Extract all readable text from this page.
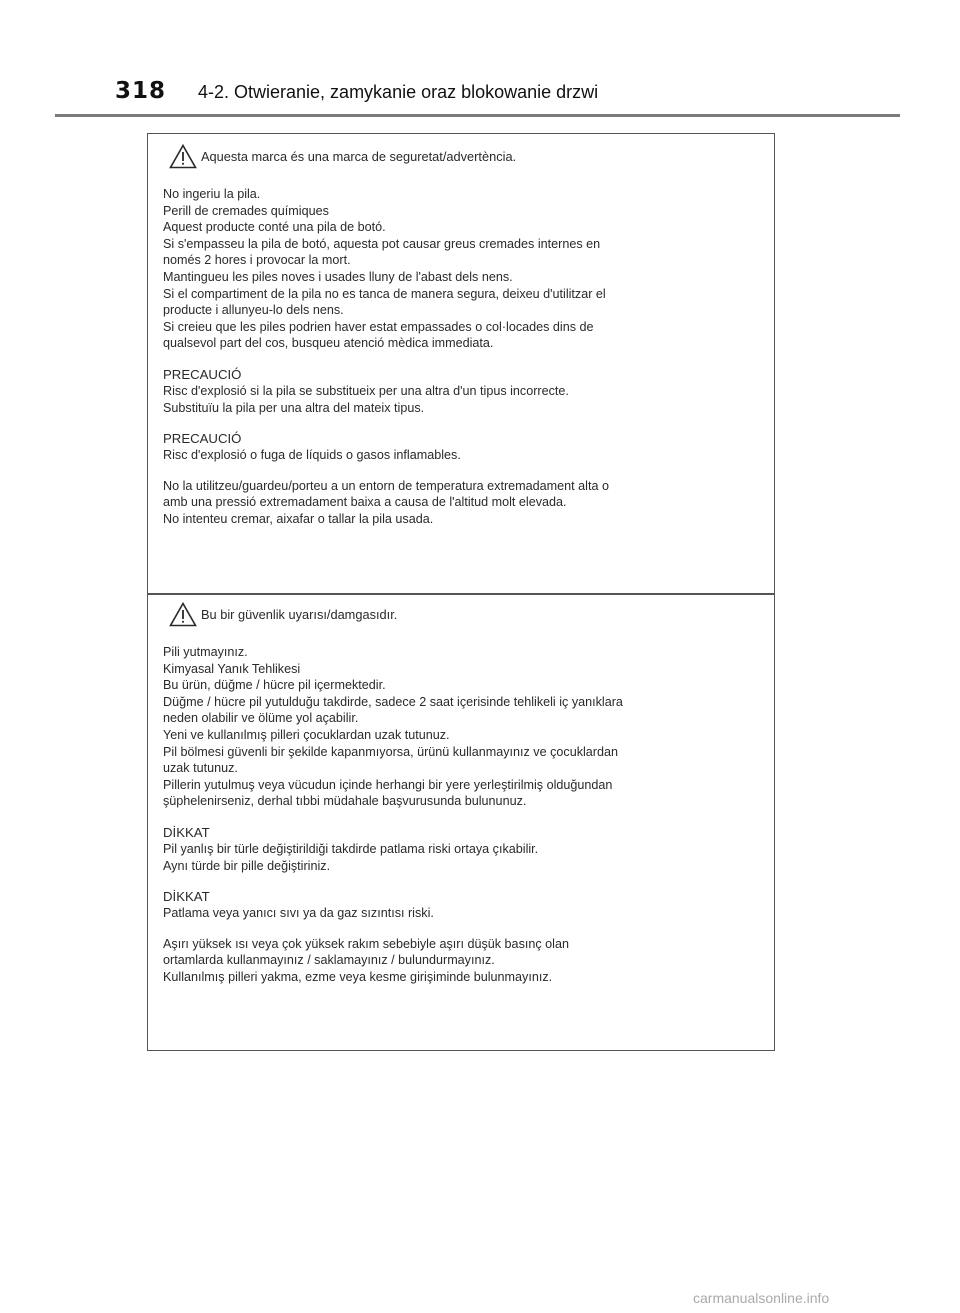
318 4-2. Otwieranie, zamykanie oraz blokowanie drzwi
Aquesta marca és una marca de seguretat/advertència.
No ingeriu la pila.
Perill de cremades químiques
Aquest producte conté una pila de botó.
Si s'empasseu la pila de botó, aquesta pot causar greus cremades internes en
només 2 hores i provocar la mort.
Mantingueu les piles noves i usades lluny de l'abast dels nens.
Si el compartiment de la pila no es tanca de manera segura, deixeu d'utilitzar el
producte i allunyeu-lo dels nens.
Si creieu que les piles podrien haver estat empassades o col·locades dins de
qualsevol part del cos, busqueu atenció mèdica immediata.
PRECAUCIÓ
Risc d'explosió si la pila se substitueix per una altra d'un tipus incorrecte.
Substituïu la pila per una altra del mateix tipus.
PRECAUCIÓ
Risc d'explosió o fuga de líquids o gasos inflamables.
No la utilitzeu/guardeu/porteu a un entorn de temperatura extremadament alta o
amb una pressió extremadament baixa a causa de l'altitud molt elevada.
No intenteu cremar, aixafar o tallar la pila usada.
Bu bir güvenlik uyarısı/damgasıdır.
Pili yutmayınız.
Kimyasal Yanık Tehlikesi
Bu ürün, düğme / hücre pil içermektedir.
Düğme / hücre pil yutulduğu takdirde, sadece 2 saat içerisinde tehlikeli iç yanıklara
neden olabilir ve ölüme yol açabilir.
Yeni ve kullanılmış pilleri çocuklardan uzak tutunuz.
Pil bölmesi güvenli bir şekilde kapanmıyorsa, ürünü kullanmayınız ve çocuklardan
uzak tutunuz.
Pillerin yutulmuş veya vücudun içinde herhangi bir yere yerleştirilmiş olduğundan
şüphelenirseniz, derhal tıbbi müdahale başvurusunda bulununuz.
DİKKAT
Pil yanlış bir türle değiştirildiği takdirde patlama riski ortaya çıkabilir.
Aynı türde bir pille değiştiriniz.
DİKKAT
Patlama veya yanıcı sıvı ya da gaz sızıntısı riski.
Aşırı yüksek ısı veya çok yüksek rakım sebebiyle aşırı düşük basınç olan
ortamlarda kullanmayınız / saklamayınız / bulundurmayınız.
Kullanılmış pilleri yakma, ezme veya kesme girişiminde bulunmayınız.
carmanualsonline.info
